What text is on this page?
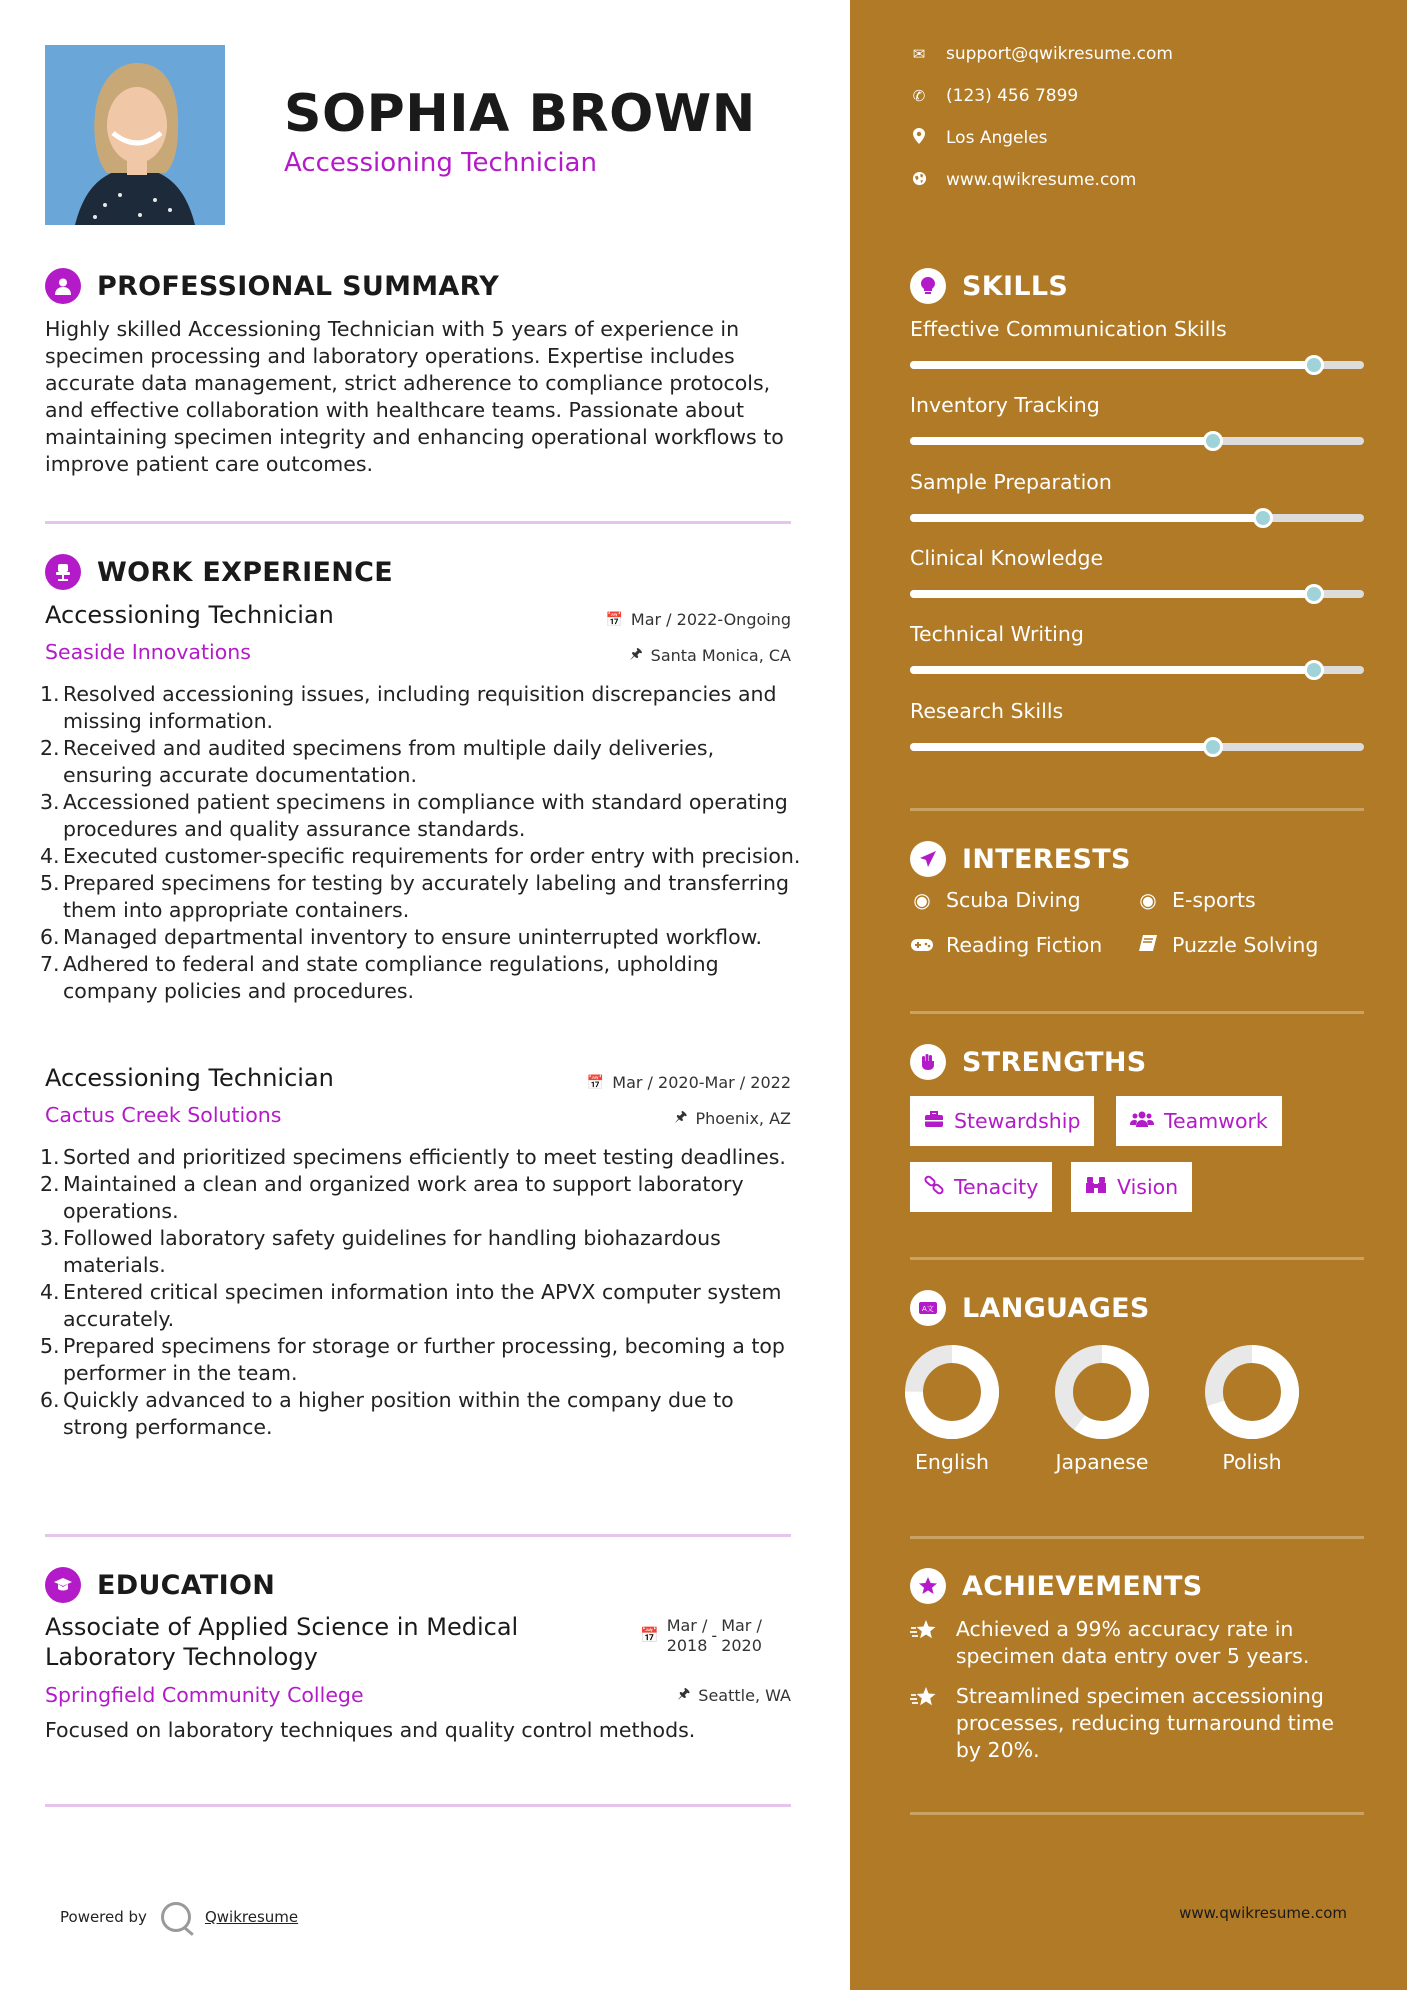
SOPHIA BROWN
Accessioning Technician
PROFESSIONAL SUMMARY
Highly skilled Accessioning Technician with 5 years of experience in specimen processing and laboratory operations. Expertise includes accurate data management, strict adherence to compliance protocols, and effective collaboration with healthcare teams. Passionate about maintaining specimen integrity and enhancing operational workflows to improve patient care outcomes.
WORK EXPERIENCE
Accessioning Technician	📅 Mar / 2022-Ongoing
Seaside Innovations	🖈 Santa Monica, CA
Resolved accessioning issues, including requisition discrepancies and missing information.
Received and audited specimens from multiple daily deliveries, ensuring accurate documentation.
Accessioned patient specimens in compliance with standard operating procedures and quality assurance standards.
Executed customer-specific requirements for order entry with precision.
Prepared specimens for testing by accurately labeling and transferring them into appropriate containers.
Managed departmental inventory to ensure uninterrupted workflow.
Adhered to federal and state compliance regulations, upholding company policies and procedures.
Accessioning Technician	📅 Mar / 2020-Mar / 2022
Cactus Creek Solutions	🖈 Phoenix, AZ
Sorted and prioritized specimens efficiently to meet testing deadlines.
Maintained a clean and organized work area to support laboratory operations.
Followed laboratory safety guidelines for handling biohazardous materials.
Entered critical specimen information into the APVX computer system accurately.
Prepared specimens for storage or further processing, becoming a top performer in the team.
Quickly advanced to a higher position within the company due to strong performance.
EDUCATION
Associate of Applied Science in Medical Laboratory Technology
📅 Mar /
2018
-
Mar /
2020
Springfield Community College	🖈 Seattle, WA
Focused on laboratory techniques and quality control methods.
Powered by	Qwikresume
✉ support@qwikresume.com
✆ (123) 456 7899
Los Angeles
www.qwikresume.com
SKILLS
Effective Communication Skills
Inventory Tracking
Sample Preparation
Clinical Knowledge
Technical Writing
Research Skills
INTERESTS
◉ Scuba Diving	◉ E-sports
Reading Fiction	Puzzle Solving
STRENGTHS
Stewardship	Teamwork
Tenacity	Vision
A文 LANGUAGES
English	Japanese	Polish
ACHIEVEMENTS
Achieved a 99% accuracy rate in specimen data entry over 5 years.
Streamlined specimen accessioning processes, reducing turnaround time by 20%.
www.qwikresume.com
